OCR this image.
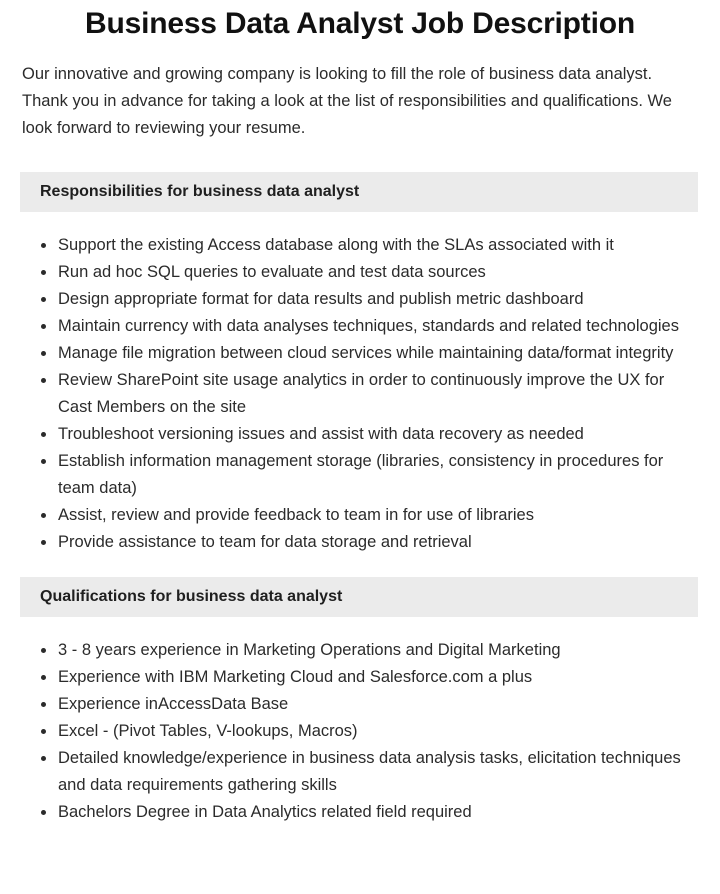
Business Data Analyst Job Description

Our innovative and growing company is looking to fill the role of business data analyst. Thank you in advance for taking a look at the list of responsibilities and qualifications. We look forward to reviewing your resume.

Responsibilities for business data analyst
Support the existing Access database along with the SLAs associated with it
Run ad hoc SQL queries to evaluate and test data sources
Design appropriate format for data results and publish metric dashboard
Maintain currency with data analyses techniques, standards and related technologies
Manage file migration between cloud services while maintaining data/format integrity
Review SharePoint site usage analytics in order to continuously improve the UX for Cast Members on the site
Troubleshoot versioning issues and assist with data recovery as needed
Establish information management storage (libraries, consistency in procedures for team data)
Assist, review and provide feedback to team in for use of libraries
Provide assistance to team for data storage and retrieval
Qualifications for business data analyst
3 - 8 years experience in Marketing Operations and Digital Marketing
Experience with IBM Marketing Cloud and Salesforce.com a plus
Experience inAccessData Base
Excel - (Pivot Tables, V-lookups, Macros)
Detailed knowledge/experience in business data analysis tasks, elicitation techniques and data requirements gathering skills
Bachelors Degree in Data Analytics related field required
